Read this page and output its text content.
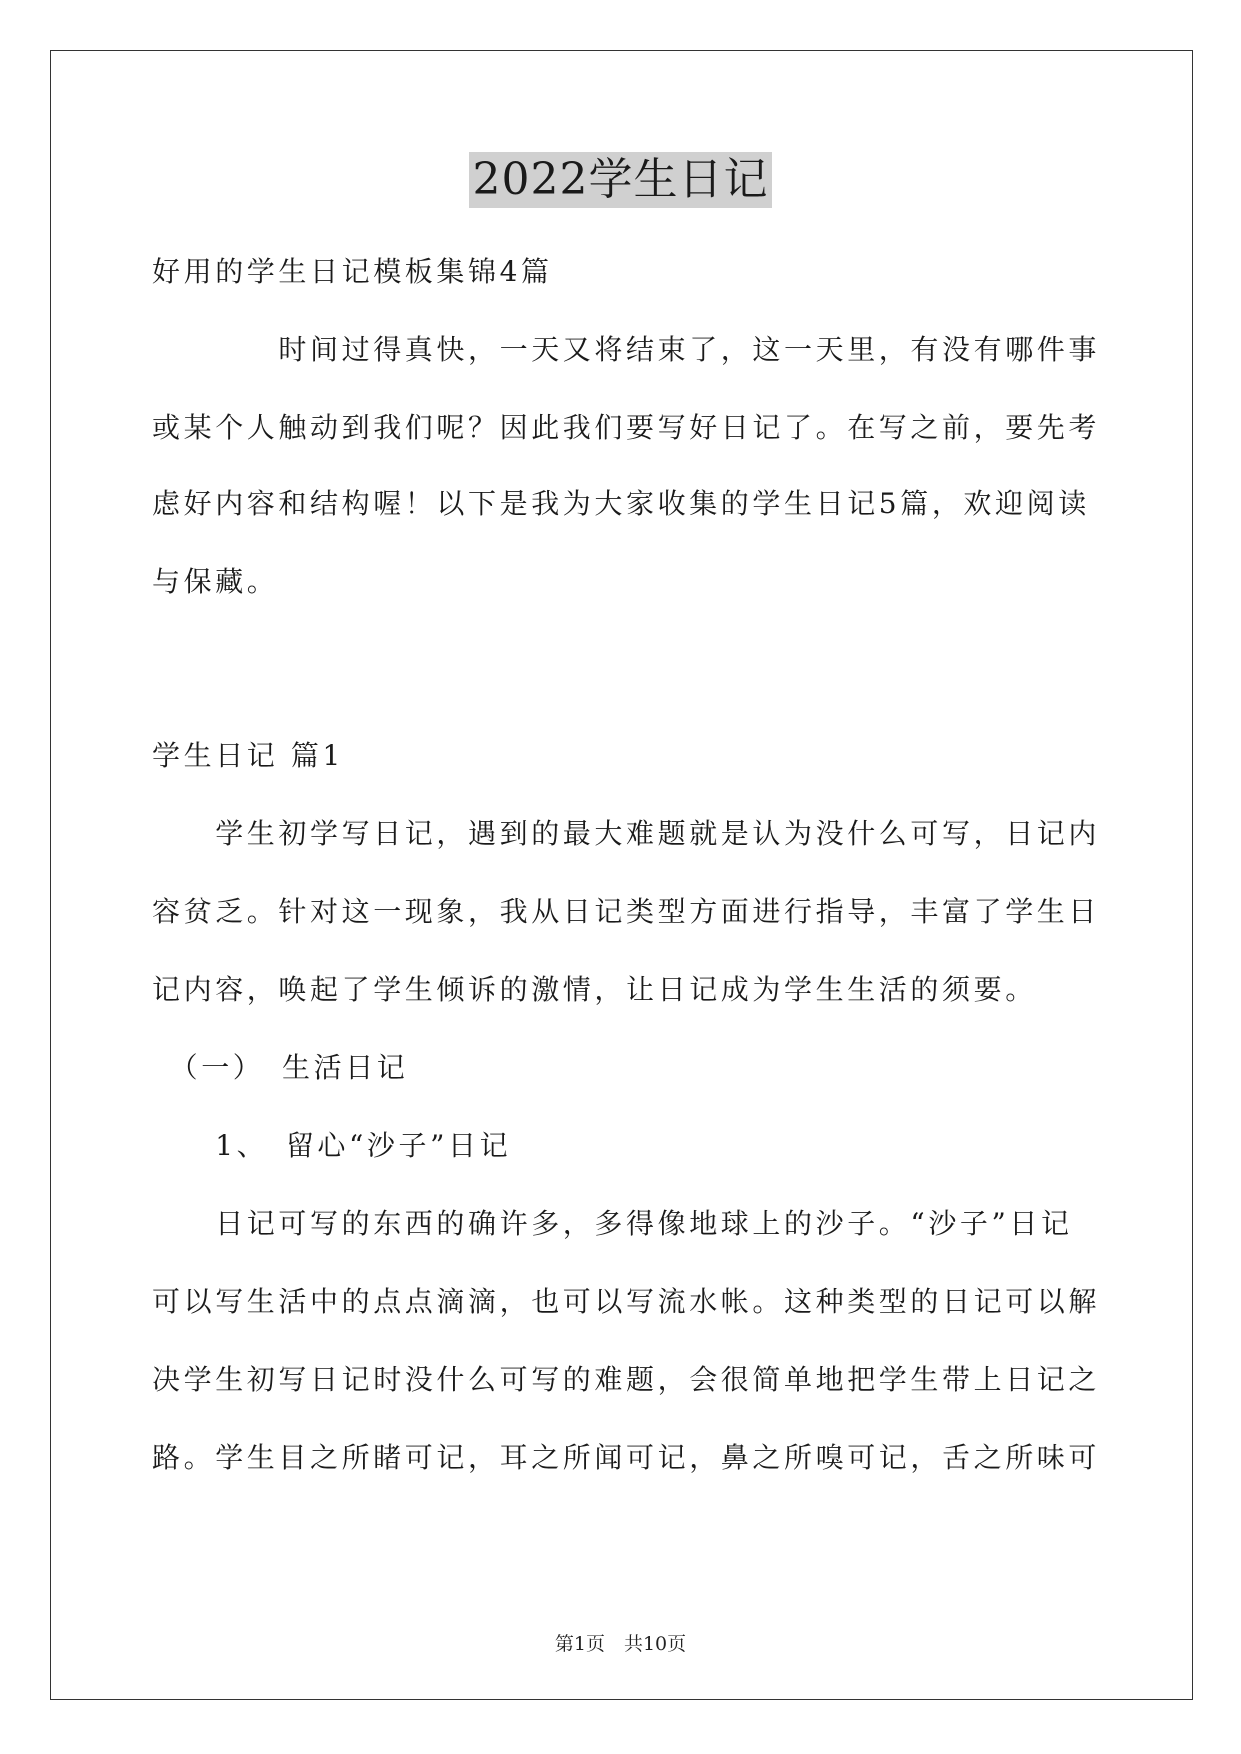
2022学生日记
好用的学生日记模板集锦4篇
　　　　时间过得真快，一天又将结束了，这一天里，有没有哪件事
或某个人触动到我们呢？因此我们要写好日记了。在写之前，要先考
虑好内容和结构喔！以下是我为大家收集的学生日记5篇，欢迎阅读
与保藏。
学生日记 篇1
　　学生初学写日记，遇到的最大难题就是认为没什么可写，日记内
容贫乏。针对这一现象，我从日记类型方面进行指导，丰富了学生日
记内容，唤起了学生倾诉的激情，让日记成为学生生活的须要。
　（一）　生活日记
　　1、　留心“沙子”日记
　　日记可写的东西的确许多，多得像地球上的沙子。“沙子”日记
可以写生活中的点点滴滴，也可以写流水帐。这种类型的日记可以解
决学生初写日记时没什么可写的难题，会很简单地把学生带上日记之
路。学生目之所睹可记，耳之所闻可记，鼻之所嗅可记，舌之所味可
第1页　共10页
